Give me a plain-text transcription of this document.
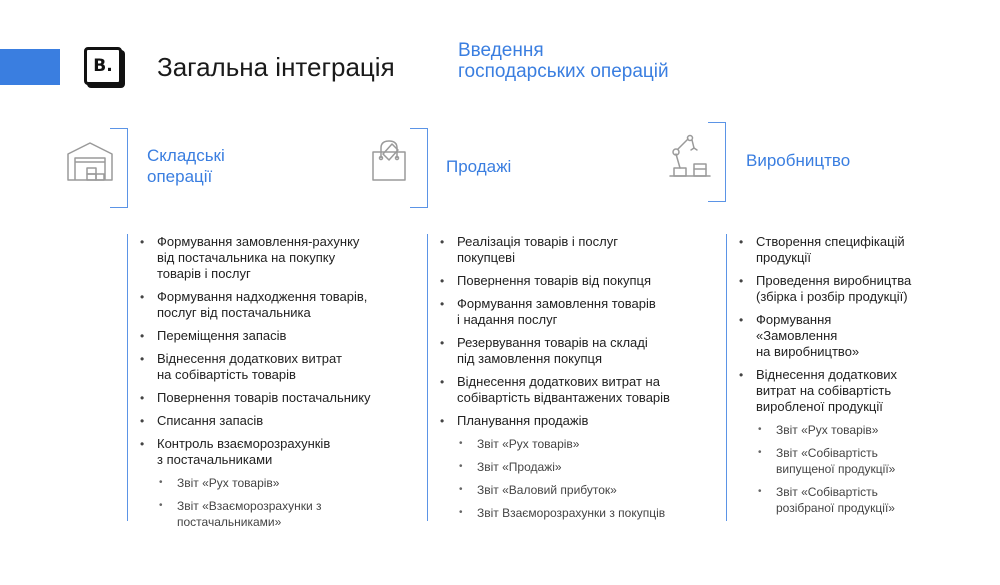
B. Загальна інтеграція
Введення
господарських операцій
Складські
операції
• Формування замовлення-рахунку
від постачальника на покупку
товарів і послуг
• Формування надходження товарів,
послуг від постачальника
• Переміщення запасів
• Віднесення додаткових витрат
на собівартість товарів
• Повернення товарів постачальнику
• Списання запасів
• Контроль взаєморозрахунків
з постачальниками
• Звіт «Рух товарів»
• Звіт «Взаєморозрахунки з
постачальниками»
Продажі
• Реалізація товарів і послуг
покупцеві
• Повернення товарів від покупця
• Формування замовлення товарів
і надання послуг
• Резервування товарів на складі
під замовлення покупця
• Віднесення додаткових витрат на
собівартість відвантажених товарів
• Планування продажів
• Звіт «Рух товарів»
• Звіт «Продажі»
• Звіт «Валовий прибуток»
• Звіт Взаєморозрахунки з покупців
Виробництво
• Створення специфікацій
продукції
• Проведення виробництва
(збірка і розбір продукції)
• Формування
«Замовлення
на виробництво»
• Віднесення додаткових
витрат на собівартість
виробленої продукції
• Звіт «Рух товарів»
• Звіт «Собівартість
випущеної продукції»
• Звіт «Собівартість
розібраної продукції»
